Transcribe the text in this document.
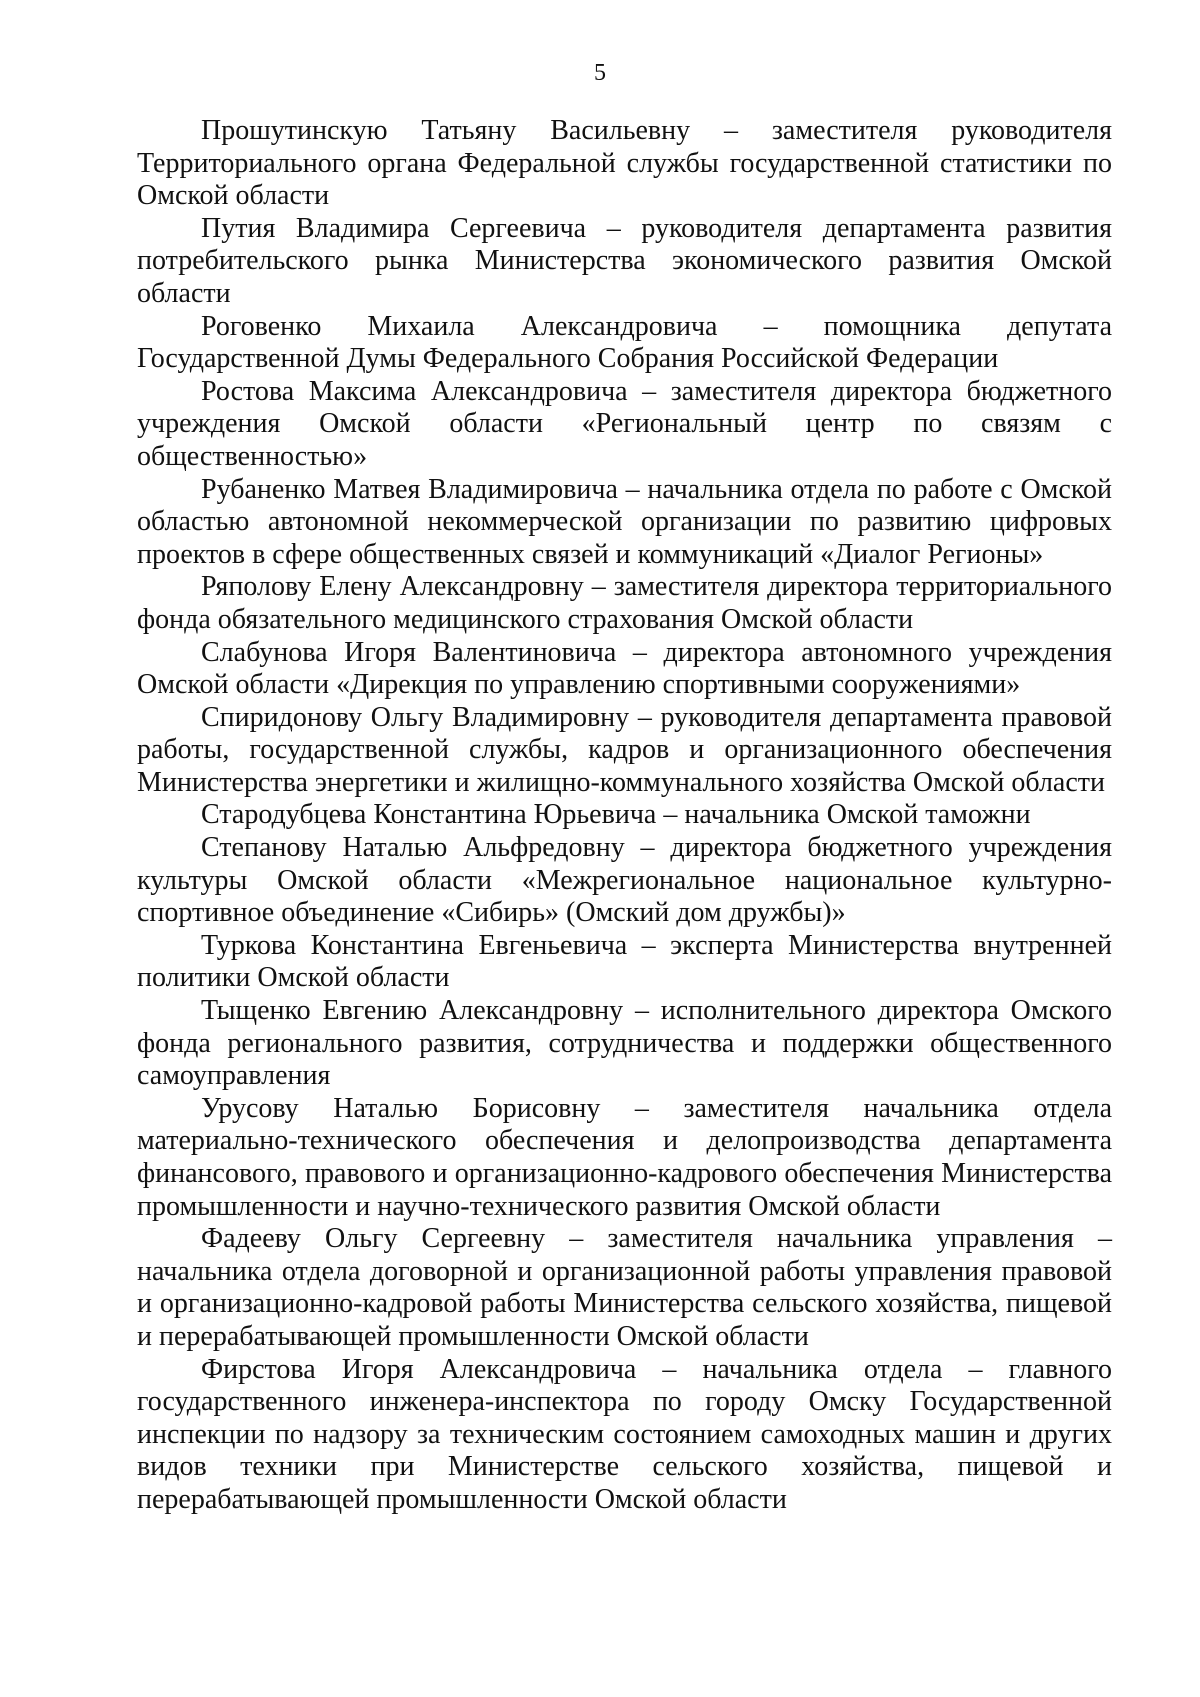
5

Прошутинскую Татьяну Васильевну – заместителя руководителя Территориального органа Федеральной службы государственной статистики по Омской области

Путия Владимира Сергеевича – руководителя департамента развития потребительского рынка Министерства экономического развития Омской области

Роговенко Михаила Александровича – помощника депутата Государственной Думы Федерального Собрания Российской Федерации

Ростова Максима Александровича – заместителя директора бюджетного учреждения Омской области «Региональный центр по связям с общественностью»

Рубаненко Матвея Владимировича – начальника отдела по работе с Омской областью автономной некоммерческой организации по развитию цифровых проектов в сфере общественных связей и коммуникаций «Диалог Регионы»

Ряполову Елену Александровну – заместителя директора территориального фонда обязательного медицинского страхования Омской области

Слабунова Игоря Валентиновича – директора автономного учреждения Омской области «Дирекция по управлению спортивными сооружениями»

Спиридонову Ольгу Владимировну – руководителя департамента правовой работы, государственной службы, кадров и организационного обеспечения Министерства энергетики и жилищно-коммунального хозяйства Омской области

Стародубцева Константина Юрьевича – начальника Омской таможни

Степанову Наталью Альфредовну – директора бюджетного учреждения культуры Омской области «Межрегиональное национальное культурно-спортивное объединение «Сибирь» (Омский дом дружбы)»

Туркова Константина Евгеньевича – эксперта Министерства внутренней политики Омской области

Тыщенко Евгению Александровну – исполнительного директора Омского фонда регионального развития, сотрудничества и поддержки общественного самоуправления

Урусову Наталью Борисовну – заместителя начальника отдела материально-технического обеспечения и делопроизводства департамента финансового, правового и организационно-кадрового обеспечения Министерства промышленности и научно-технического развития Омской области

Фадееву Ольгу Сергеевну – заместителя начальника управления – начальника отдела договорной и организационной работы управления правовой и организационно-кадровой работы Министерства сельского хозяйства, пищевой и перерабатывающей промышленности Омской области

Фирстова Игоря Александровича – начальника отдела – главного государственного инженера-инспектора по городу Омску Государственной инспекции по надзору за техническим состоянием самоходных машин и других видов техники при Министерстве сельского хозяйства, пищевой и перерабатывающей промышленности Омской области
